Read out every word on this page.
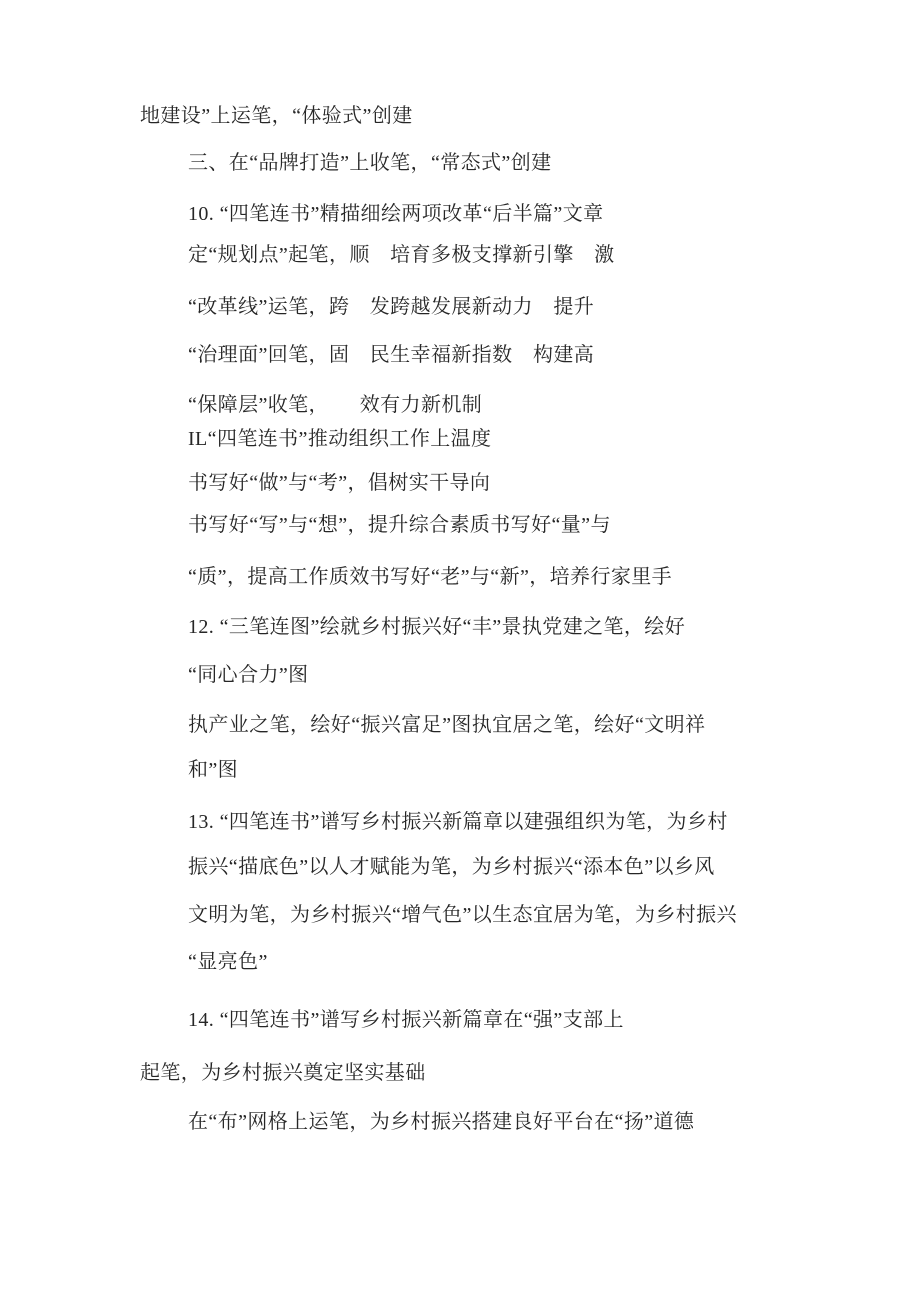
地建设”上运笔，“体验式”创建
三、在“品牌打造”上收笔，“常态式”创建
10. “四笔连书”精描细绘两项改革“后半篇”文章
定“规划点”起笔，顺　培育多极支撑新引擎　激
“改革线”运笔，跨　发跨越发展新动力　提升
“治理面”回笔，固　民生幸福新指数　构建高
“保障层”收笔，　　效有力新机制
IL“四笔连书”推动组织工作上温度
书写好“做”与“考”，倡树实干导向
书写好“写”与“想”，提升综合素质书写好“量”与
“质”，提高工作质效书写好“老”与“新”，培养行家里手
12. “三笔连图”绘就乡村振兴好“丰”景执党建之笔，绘好
“同心合力”图
执产业之笔，绘好“振兴富足”图执宜居之笔，绘好“文明祥
和”图
13. “四笔连书”谱写乡村振兴新篇章以建强组织为笔，为乡村
振兴“描底色”以人才赋能为笔，为乡村振兴“添本色”以乡风
文明为笔，为乡村振兴“增气色”以生态宜居为笔，为乡村振兴
“显亮色”
14. “四笔连书”谱写乡村振兴新篇章在“强”支部上
起笔，为乡村振兴奠定坚实基础
在“布”网格上运笔，为乡村振兴搭建良好平台在“扬”道德
